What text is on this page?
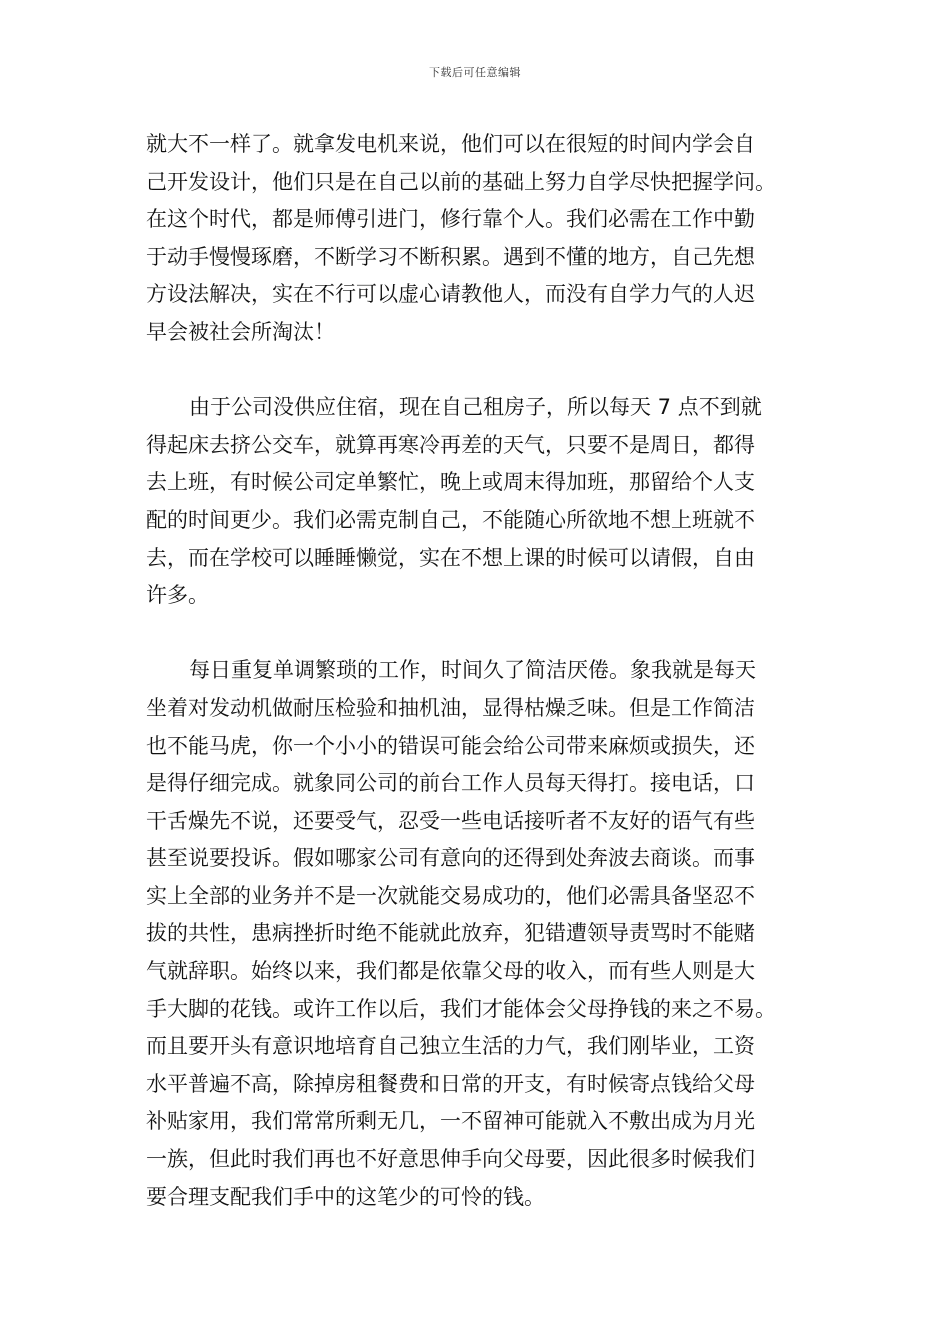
下载后可任意编辑
就大不一样了。就拿发电机来说，他们可以在很短的时间内学会自
己开发设计，他们只是在自己以前的基础上努力自学尽快把握学问。
在这个时代，都是师傅引进门，修行靠个人。我们必需在工作中勤
于动手慢慢琢磨，不断学习不断积累。遇到不懂的地方，自己先想
方设法解决，实在不行可以虚心请教他人，而没有自学力气的人迟
早会被社会所淘汰！
由于公司没供应住宿，现在自己租房子，所以每天 7 点不到就
得起床去挤公交车，就算再寒冷再差的天气，只要不是周日，都得
去上班，有时候公司定单繁忙，晚上或周末得加班，那留给个人支
配的时间更少。我们必需克制自己，不能随心所欲地不想上班就不
去，而在学校可以睡睡懒觉，实在不想上课的时候可以请假，自由
许多。
每日重复单调繁琐的工作，时间久了简洁厌倦。象我就是每天
坐着对发动机做耐压检验和抽机油，显得枯燥乏味。但是工作简洁
也不能马虎，你一个小小的错误可能会给公司带来麻烦或损失，还
是得仔细完成。就象同公司的前台工作人员每天得打。接电话，口
干舌燥先不说，还要受气，忍受一些电话接听者不友好的语气有些
甚至说要投诉。假如哪家公司有意向的还得到处奔波去商谈。而事
实上全部的业务并不是一次就能交易成功的，他们必需具备坚忍不
拔的共性，患病挫折时绝不能就此放弃，犯错遭领导责骂时不能赌
气就辞职。始终以来，我们都是依靠父母的收入，而有些人则是大
手大脚的花钱。或许工作以后，我们才能体会父母挣钱的来之不易。
而且要开头有意识地培育自己独立生活的力气，我们刚毕业，工资
水平普遍不高，除掉房租餐费和日常的开支，有时候寄点钱给父母
补贴家用，我们常常所剩无几，一不留神可能就入不敷出成为月光
一族，但此时我们再也不好意思伸手向父母要，因此很多时候我们
要合理支配我们手中的这笔少的可怜的钱。
